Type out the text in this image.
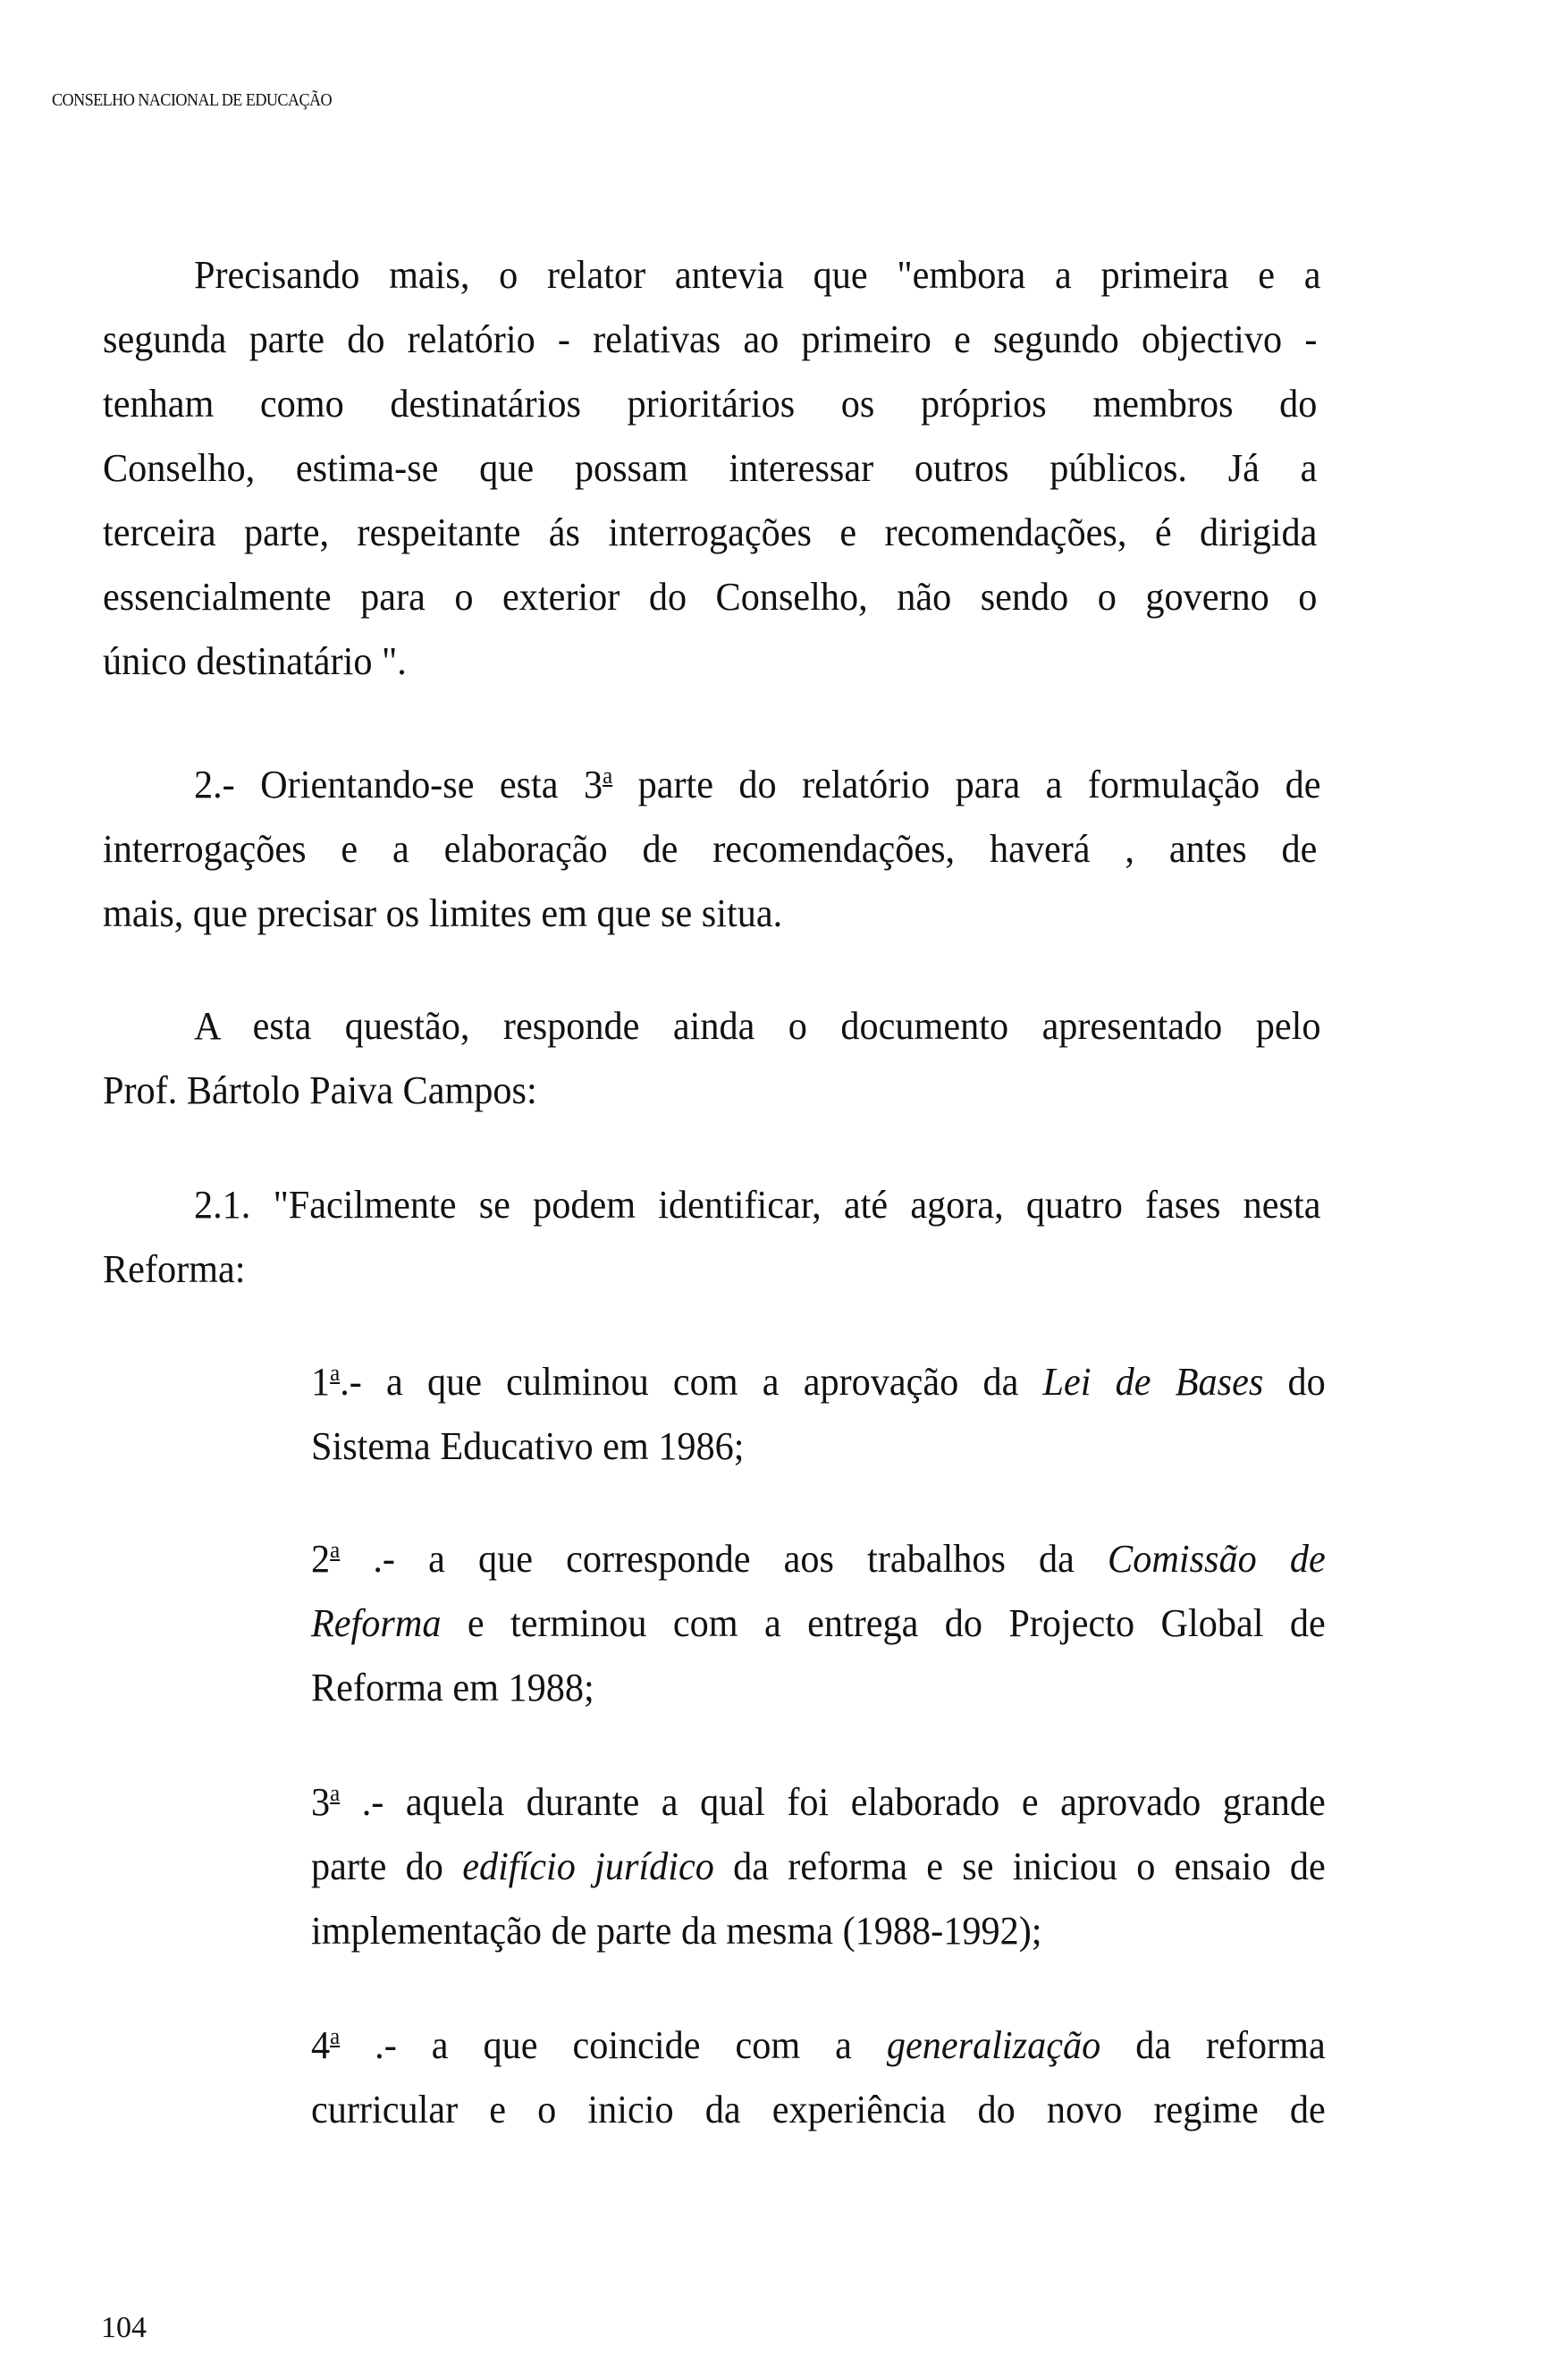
CONSELHO NACIONAL DE EDUCAÇÃO
Precisando mais, o relator antevia que "embora a primeira e a
segunda parte do relatório - relativas ao primeiro e segundo objectivo -
tenham como destinatários prioritários os próprios membros do
Conselho, estima-se que possam interessar outros públicos. Já a
terceira parte, respeitante ás interrogações e recomendações, é dirigida
essencialmente para o exterior do Conselho, não sendo o governo o
único destinatário ".
2.- Orientando-se esta 3$^a$ parte do relatório para a formulação de
interrogações e a elaboração de recomendações, haverá , antes de
mais, que precisar os limites em que se situa.
A esta questão, responde ainda o documento apresentado pelo
Prof. Bártolo Paiva Campos:
2.1. "Facilmente se podem identificar, até agora, quatro fases nesta
Reforma:
1$^a$.- a que culminou com a aprovação da Lei de Bases do
Sistema Educativo em 1986;
2$^a$ .- a que corresponde aos trabalhos da Comissão de
Reforma e terminou com a entrega do Projecto Global de
Reforma em 1988;
3$^a$ .- aquela durante a qual foi elaborado e aprovado grande
parte do edifício jurídico da reforma e se iniciou o ensaio de
implementação de parte da mesma (1988-1992);
4$^a$ .- a que coincide com a generalização da reforma
curricular e o inicio da experiência do novo regime de
104
